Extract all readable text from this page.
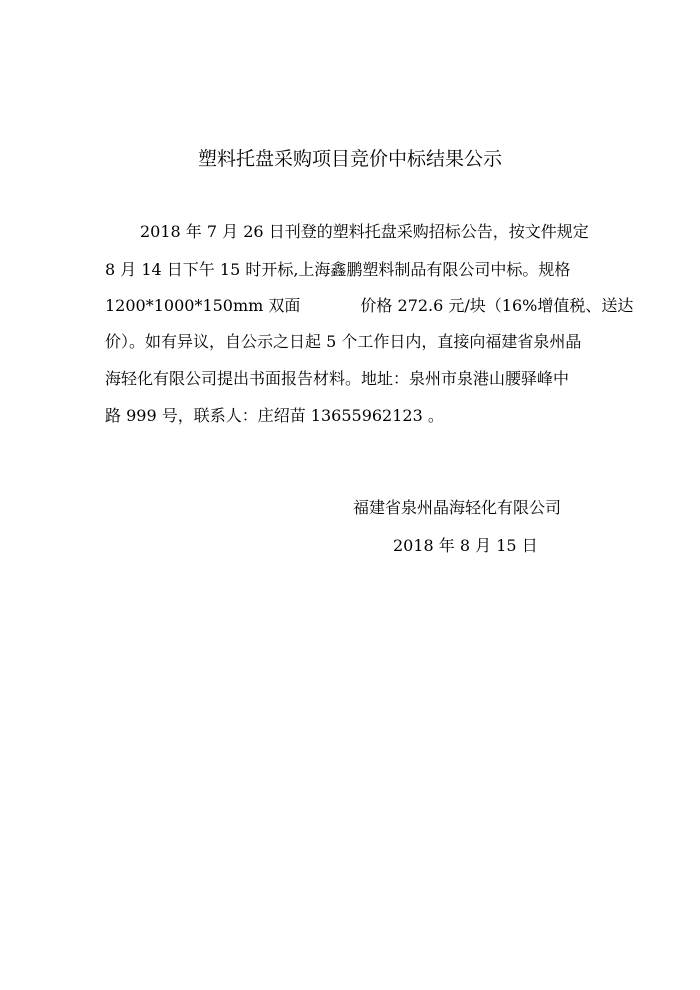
塑料托盘采购项目竞价中标结果公示
2018 年 7 月 26 日刊登的塑料托盘采购招标公告，按文件规定
8 月 14 日下午 15 时开标,上海鑫鹏塑料制品有限公司中标。规格
1200*1000*150mm 双面	价格 272.6 元/块（16%增值税、送达
价）。如有异议，自公示之日起 5 个工作日内，直接向福建省泉州晶
海轻化有限公司提出书面报告材料。地址：泉州市泉港山腰驿峰中
路 999 号，联系人：庄绍苗 13655962123 。
福建省泉州晶海轻化有限公司
2018 年 8 月 15 日
